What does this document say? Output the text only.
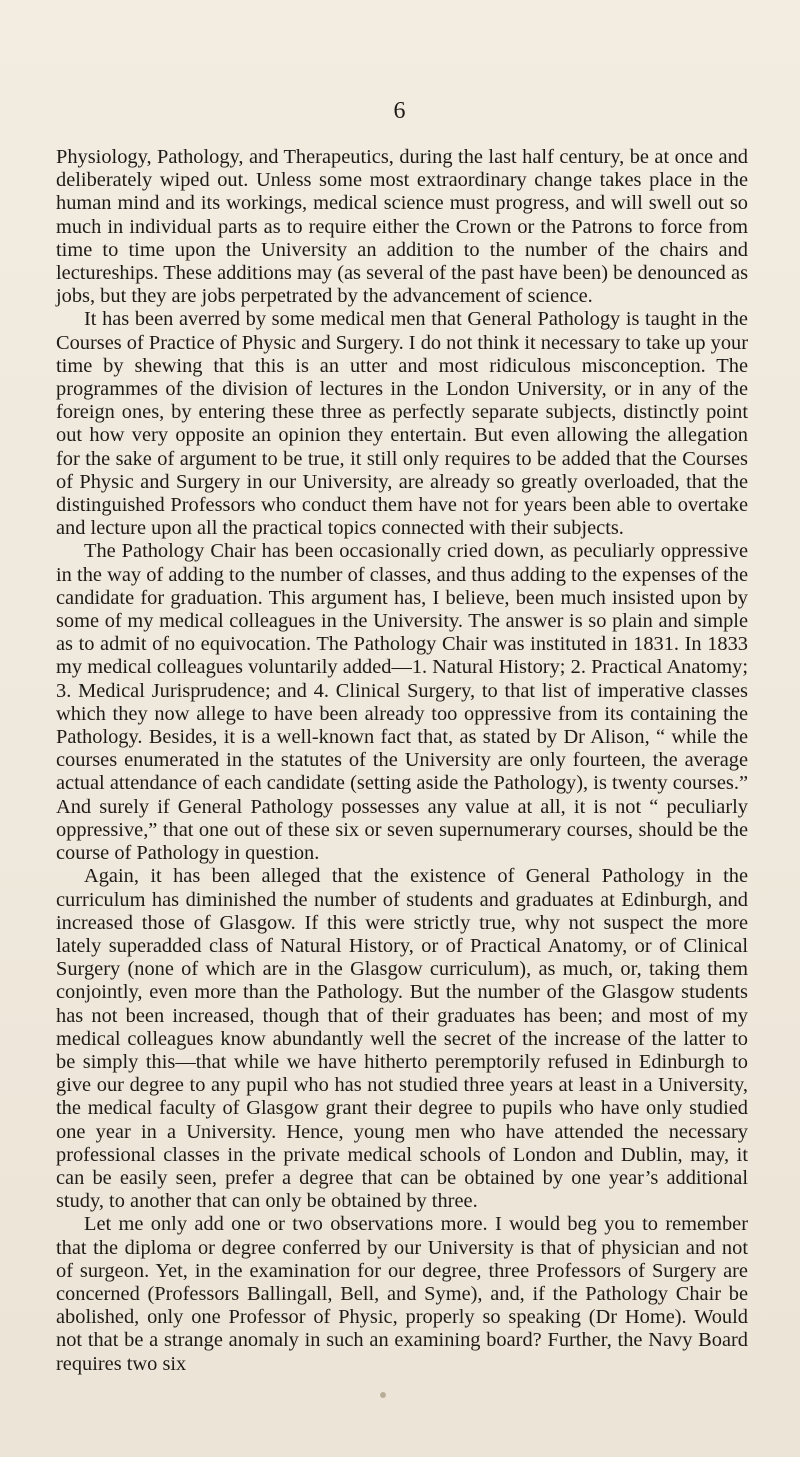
6

Physiology, Pathology, and Therapeutics, during the last half century, be at once and deliberately wiped out. Unless some most extraordinary change takes place in the human mind and its workings, medical science must progress, and will swell out so much in individual parts as to require either the Crown or the Patrons to force from time to time upon the University an addition to the number of the chairs and lectureships. These additions may (as several of the past have been) be denounced as jobs, but they are jobs perpetrated by the advancement of science.

It has been averred by some medical men that General Pathology is taught in the Courses of Practice of Physic and Surgery. I do not think it necessary to take up your time by shewing that this is an utter and most ridiculous misconception. The programmes of the division of lectures in the London University, or in any of the foreign ones, by entering these three as perfectly separate subjects, distinctly point out how very opposite an opinion they entertain. But even allowing the allegation for the sake of argument to be true, it still only requires to be added that the Courses of Physic and Surgery in our University, are already so greatly overloaded, that the distinguished Professors who conduct them have not for years been able to overtake and lecture upon all the practical topics connected with their subjects.

The Pathology Chair has been occasionally cried down, as peculiarly oppressive in the way of adding to the number of classes, and thus adding to the expenses of the candidate for graduation. This argument has, I believe, been much insisted upon by some of my medical colleagues in the University. The answer is so plain and simple as to admit of no equivocation. The Pathology Chair was instituted in 1831. In 1833 my medical colleagues voluntarily added—1. Natural History; 2. Practical Anatomy; 3. Medical Jurisprudence; and 4. Clinical Surgery, to that list of imperative classes which they now allege to have been already too oppressive from its containing the Pathology. Besides, it is a well-known fact that, as stated by Dr Alison, “ while the courses enumerated in the statutes of the University are only fourteen, the average actual attendance of each candidate (setting aside the Pathology), is twenty courses.” And surely if General Pathology possesses any value at all, it is not “ peculiarly oppressive,” that one out of these six or seven supernumerary courses, should be the course of Pathology in question.

Again, it has been alleged that the existence of General Pathology in the curriculum has diminished the number of students and graduates at Edinburgh, and increased those of Glasgow. If this were strictly true, why not suspect the more lately superadded class of Natural History, or of Practical Anatomy, or of Clinical Surgery (none of which are in the Glasgow curriculum), as much, or, taking them conjointly, even more than the Pathology. But the number of the Glasgow students has not been increased, though that of their graduates has been; and most of my medical colleagues know abundantly well the secret of the increase of the latter to be simply this—that while we have hitherto peremptorily refused in Edinburgh to give our degree to any pupil who has not studied three years at least in a University, the medical faculty of Glasgow grant their degree to pupils who have only studied one year in a University. Hence, young men who have attended the necessary professional classes in the private medical schools of London and Dublin, may, it can be easily seen, prefer a degree that can be obtained by one year’s additional study, to another that can only be obtained by three.

Let me only add one or two observations more. I would beg you to remember that the diploma or degree conferred by our University is that of physician and not of surgeon. Yet, in the examination for our degree, three Professors of Surgery are concerned (Professors Ballingall, Bell, and Syme), and, if the Pathology Chair be abolished, only one Professor of Physic, properly so speaking (Dr Home). Would not that be a strange anomaly in such an examining board? Further, the Navy Board requires two six
